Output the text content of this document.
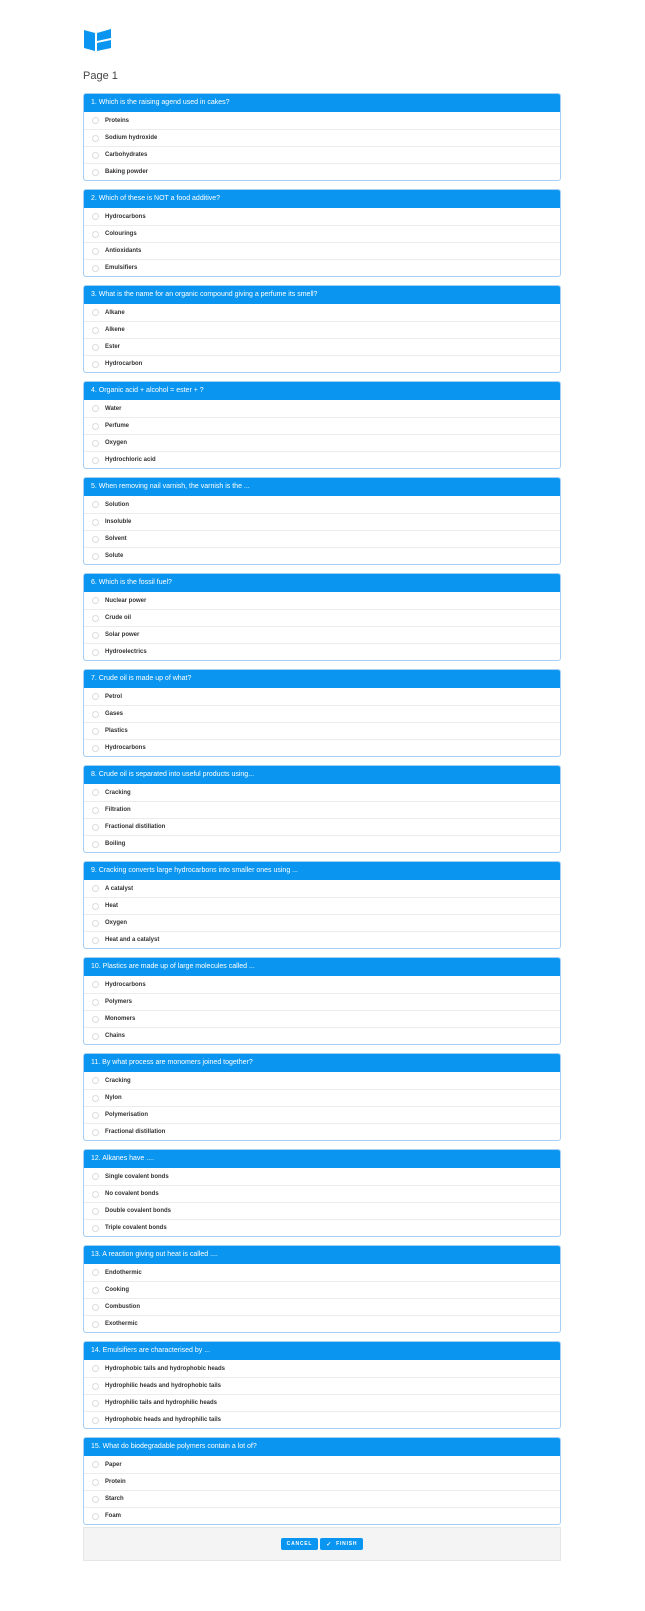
Page 1
1. Which is the raising agend used in cakes?
Proteins
Sodium hydroxide
Carbohydrates
Baking powder
2. Which of these is NOT a food additive?
Hydrocarbons
Colourings
Antioxidants
Emulsifiers
3. What is the name for an organic compound giving a perfume its smell?
Alkane
Alkene
Ester
Hydrocarbon
4. Organic acid + alcohol = ester + ?
Water
Perfume
Oxygen
Hydrochloric acid
5. When removing nail varnish, the varnish is the ...
Solution
Insoluble
Solvent
Solute
6. Which is the fossil fuel?
Nuclear power
Crude oil
Solar power
Hydroelectrics
7. Crude oil is made up of what?
Petrol
Gases
Plastics
Hydrocarbons
8. Crude oil is separated into useful products using...
Cracking
Filtration
Fractional distillation
Boiling
9. Cracking converts large hydrocarbons into smaller ones using ...
A catalyst
Heat
Oxygen
Heat and a catalyst
10. Plastics are made up of large molecules called ...
Hydrocarbons
Polymers
Monomers
Chains
11. By what process are monomers joined together?
Cracking
Nylon
Polymerisation
Fractional distillation
12. Alkanes have ....
Single covalent bonds
No covalent bonds
Double covalent bonds
Triple covalent bonds
13. A reaction giving out heat is called ....
Endothermic
Cooking
Combustion
Exothermic
14. Emulsifiers are characterised by ...
Hydrophobic tails and hydrophobic heads
Hydrophilic heads and hydrophobic tails
Hydrophilic tails and hydrophilic heads
Hydrophobic heads and hydrophilic tails
15. What do biodegradable polymers contain a lot of?
Paper
Protein
Starch
Foam
CANCEL ✓ FINISH
